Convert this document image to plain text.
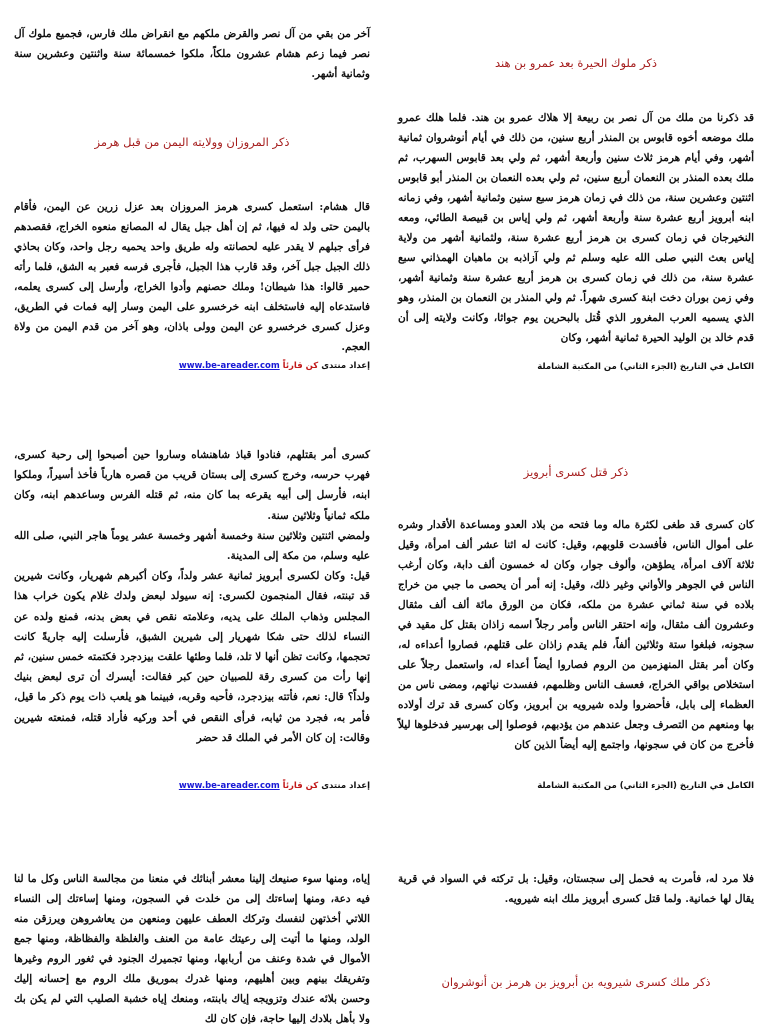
آخر من بقي من آل نصر والقرض ملكهم مع انقراض ملك فارس، فجميع ملوك آل نصر فيما زعم هشام عشرون ملكاً، ملكوا خمسمائة سنة واثنتين وعشرين سنة وثمانية أشهر.

ذكر المروزان وولايته اليمن من قبل هرمز

قال هشام: استعمل كسرى هرمز المروزان بعد عزل زرين عن اليمن، فأقام باليمن حتى ولد له فيها، ثم إن أهل جبل يقال له المصانع منعوه الخراج، فقصدهم فرأى جبلهم لا يقدر عليه لحصانته وله طريق واحد يحميه رجل واحد، وكان بحاذي ذلك الجبل جبل آخر، وقد قارب هذا الجبل، فأجرى فرسه فعبر به الشق، فلما رأته حمير قالوا: هذا شيطان! وملك حصنهم وأدوا الخراج، وأرسل إلى كسرى يعلمه، فاستدعاه إليه فاستخلف ابنه خرخسرو على اليمن وسار إليه فمات في الطريق، وعزل كسرى خرخسرو عن اليمن وولى باذان، وهو آخر من قدم اليمن من ولاة العجم.

إعداد منتدى كن قارئاً www.be-areader.com
ذكر ملوك الحيرة بعد عمرو بن هند

قد ذكرنا من ملك من آل نصر بن ربيعة إلا هلاك عمرو بن هند. فلما هلك عمرو ملك موضعه أخوه قابوس بن المنذر أربع سنين، من ذلك في أيام أنوشروان ثمانية أشهر، وفي أيام هرمز ثلاث سنين وأربعة أشهر، ثم ولي بعد قابوس السهرب، ثم ملك بعده المنذر بن النعمان أربع سنين، ثم ولي بعده النعمان بن المنذر أبو قابوس اثنتين وعشرين سنة، من ذلك في زمان هرمز سبع سنين وثمانية أشهر، وفي زمانه ابنه أبرويز أربع عشرة سنة وأربعة أشهر، ثم ولي إياس بن قبيصة الطائي، ومعه النخيرجان في زمان كسرى بن هرمز أربع عشرة سنة، ولثمانية أشهر من ولاية إياس بعث النبي صلى الله عليه وسلم ثم ولي آزاذبه بن ماهبان الهمذاني سبع عشرة سنة، من ذلك في زمان كسرى بن هرمز أربع عشرة سنة وثمانية أشهر، وفي زمن بوران دخت ابنة كسرى شهراً. ثم ولي المنذر بن النعمان بن المنذر، وهو الذي يسميه العرب المغرور الذي قُتل بالبحرين يوم جواثا، وكانت ولايته إلى أن قدم خالد بن الوليد الحيرة ثمانية أشهر، وكان

الكامل في التاريخ (الجزء الثاني) من المكتبة الشاملة

كسرى أمر بقتلهم، فنادوا قباذ شاهنشاه وساروا حين أصبحوا إلى رحبة كسرى، فهرب حرسه، وخرج كسرى إلى بستان قريب من قصره هارباً فأخذ أسيراً، وملكوا ابنه، فأرسل إلى أبيه يقرعه بما كان منه، ثم قتله الفرس وساعدهم ابنه، وكان ملكه ثمانياً وثلاثين سنة.
ولمضي اثنتين وثلاثين سنة وخمسة أشهر وخمسة عشر يوماً هاجر النبي، صلى الله عليه وسلم، من مكة إلى المدينة.
قيل: وكان لكسرى أبرويز ثمانية عشر ولداً، وكان أكبرهم شهريار، وكانت شيرين قد تبنته، فقال المنجمون لكسرى: إنه سيولد لبعض ولدك غلام يكون خراب هذا المجلس وذهاب الملك على يديه، وعلامته نقص في بعض بدنه، فمنع ولده عن النساء لذلك حتى شكا شهريار إلى شيرين الشبق، فأرسلت إليه جاريةً كانت تحجمها، وكانت تظن أنها لا تلد، فلما وطئها علقت بيزدجرد فكتمته خمس سنين، ثم إنها رأت من كسرى رقة للصبيان حين كبر فقالت: أيسرك أن ترى لبعض بنيك ولداً؟ قال: نعم، فأتته بيزدجرد، فأحبه وقربه، فبينما هو يلعب ذات يوم ذكر ما قيل، فأمر به، فجرد من ثيابه، فرأى النقص في أحد وركيه فأراد قتله، فمنعته شيرين وقالت: إن كان الأمر في الملك قد حضر

إعداد منتدى كن قارئاً www.be-areader.com
ذكر قتل كسرى أبرويز

كان كسرى قد طغى لكثرة ماله وما فتحه من بلاد العدو ومساعدة الأقدار وشره على أموال الناس، فأفسدت قلوبهم، وقيل: كانت له اثنا عشر ألف امرأة، وقيل ثلاثة آلاف امرأة، يطؤهن، وألوف جوار، وكان له خمسون ألف دابة، وكان أرغب الناس في الجوهر والأواني وغير ذلك، وقيل: إنه أمر أن يحصى ما جبي من خراج بلاده في سنة ثماني عشرة من ملكه، فكان من الورق مائة ألف ألف مثقال وعشرون ألف مثقال، وإنه احتقر الناس وأمر رجلاً اسمه زاذان بقتل كل مقيد في سجونه، فبلغوا ستة وثلاثين ألفاً، فلم يقدم زاذان على قتلهم، فصاروا أعداءه له، وكان أمر بقتل المنهزمين من الروم فصاروا أيضاً أعداء له، واستعمل رجلاً على استخلاص بواقي الخراج، فعسف الناس وظلمهم، ففسدت نياتهم، ومضى ناس من العظماء إلى بابل، فأحضروا ولده شيرويه بن أبرويز، وكان كسرى قد ترك أولاده بها ومنعهم من التصرف وجعل عندهم من يؤدبهم، فوصلوا إلى بهرسير فدخلوها ليلاً فأخرج من كان في سجونها، واجتمع إليه أيضاً الذين كان

الكامل في التاريخ (الجزء الثاني) من المكتبة الشاملة

إياه، ومنها سوء صنيعك إلينا معشر أبنائك في منعنا من مجالسة الناس وكل ما لنا فيه دعة، ومنها إساءتك إلى من خلدت في السجون، ومنها إساءتك إلى النساء اللاتي أخذتهن لنفسك وتركك العطف عليهن ومنعهن من يعاشروهن ويرزقن منه الولد، ومنها ما أتيت إلى رعيتك عامة من العنف والغلظة والفظاظة، ومنها جمع الأموال في شدة وعنف من أربابها، ومنها تجميرك الجنود في ثغور الروم وغيرها وتفريقك بينهم وبين أهليهم، ومنها غدرك بموريق ملك الروم مع إحسانه إليك وحسن بلائه عندك وتزويجه إياك بابنته، ومنعك إياه خشبة الصليب التي لم يكن بك ولا بأهل بلادك إليها حاجة، فإن كان لك

فلا مرد له، فأمرت به فحمل إلى سجستان، وقيل: بل تركته في السواد في قرية يقال لها خمانية. ولما قتل كسرى أبرويز ملك ابنه شيرويه.

ذكر ملك كسرى شيرويه بن أبرويز بن هرمز بن أنوشروان
